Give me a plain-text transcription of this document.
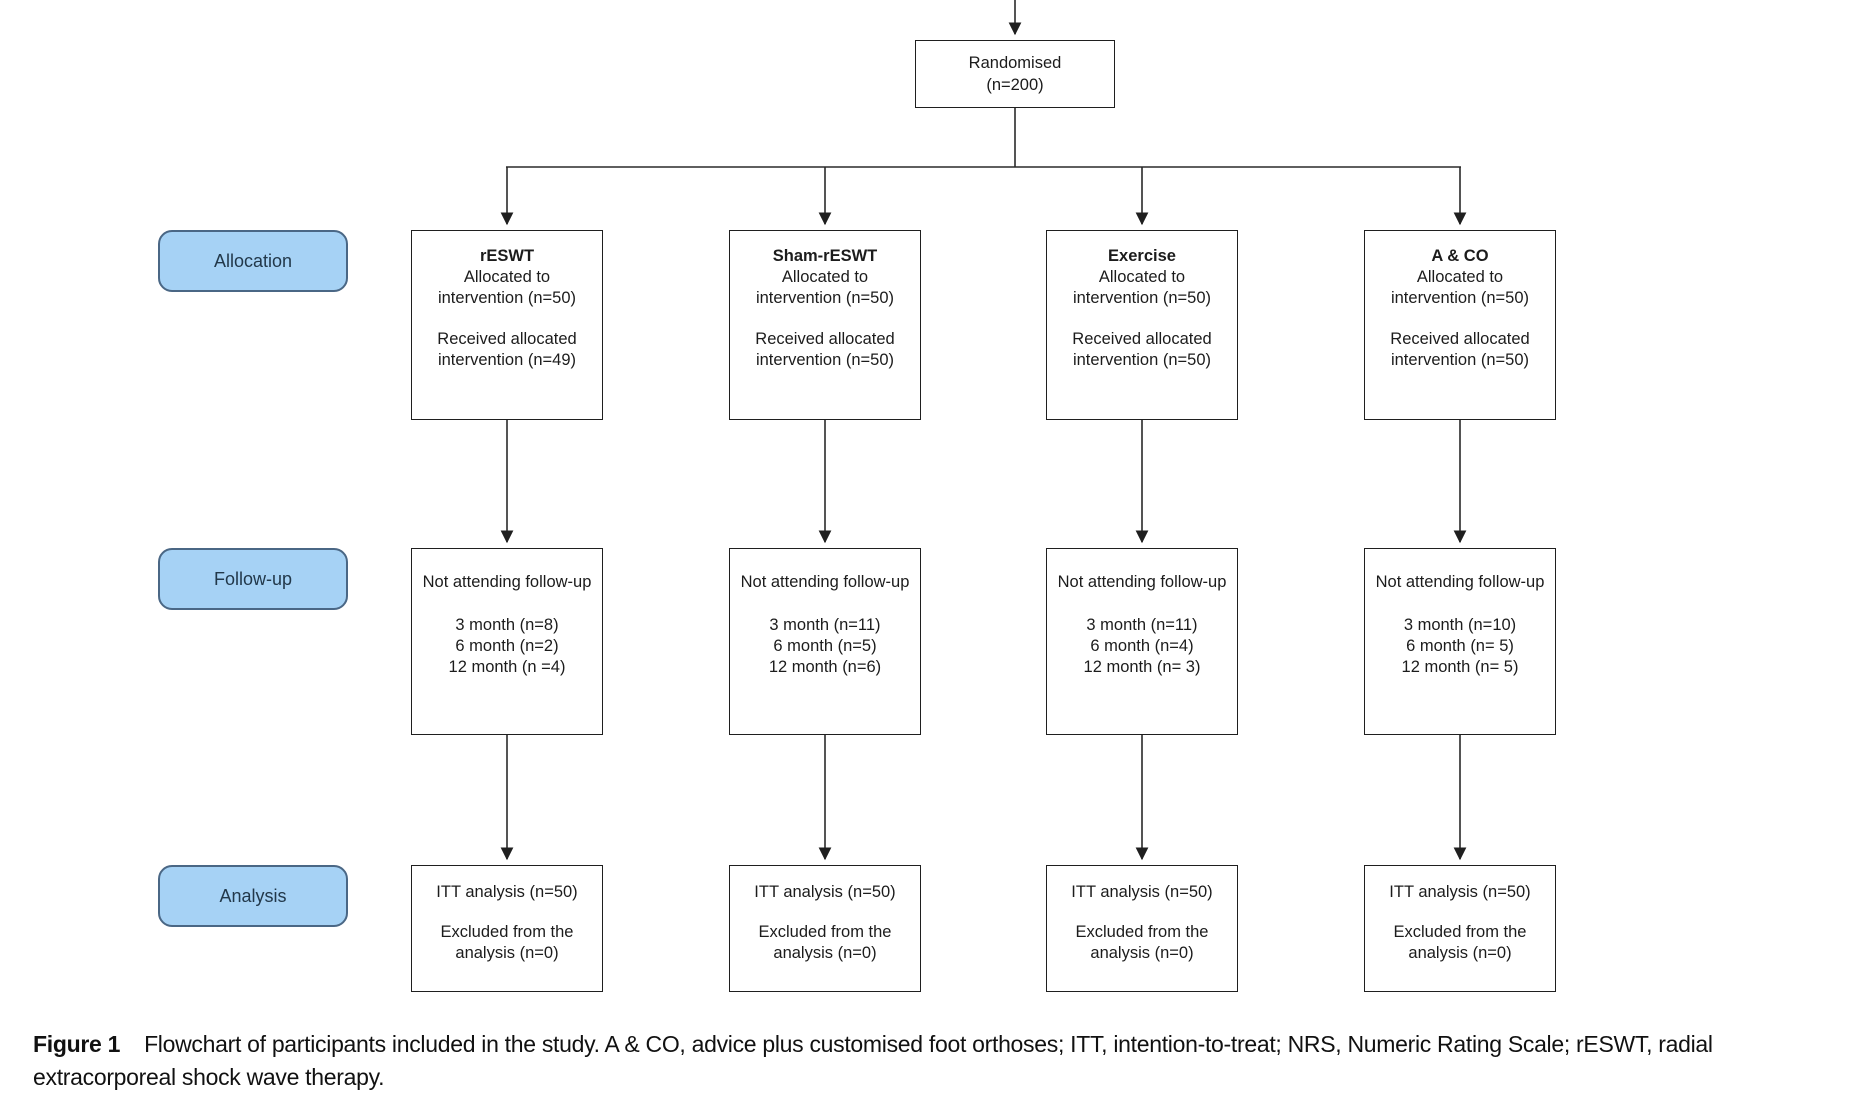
Randomised

(n=200)

Allocation
Follow-up
Analysis

rESWT

Allocated to intervention (n=50)

Received allocated intervention (n=49)

Not attending follow-up

3 month (n=8)

6 month (n=2)

12 month (n =4)

ITT analysis (n=50)

Excluded from the analysis (n=0)

Sham-rESWT

Allocated to intervention (n=50)

Received allocated intervention (n=50)

Not attending follow-up

3 month (n=11)

6 month (n=5)

12 month (n=6)

ITT analysis (n=50)

Excluded from the analysis (n=0)

Exercise

Allocated to intervention (n=50)

Received allocated intervention (n=50)

Not attending follow-up

3 month (n=11)

6 month (n=4)

12 month (n= 3)

ITT analysis (n=50)

Excluded from the analysis (n=0)

A & CO

Allocated to intervention (n=50)

Received allocated intervention (n=50)

Not attending follow-up

3 month (n=10)

6 month (n= 5)

12 month (n= 5)

ITT analysis (n=50)

Excluded from the analysis (n=0)

Figure 1 Flowchart of participants included in the study. A & CO, advice plus customised foot orthoses; ITT, intention-to-treat; NRS, Numeric Rating Scale; rESWT, radial extracorporeal shock wave therapy.
